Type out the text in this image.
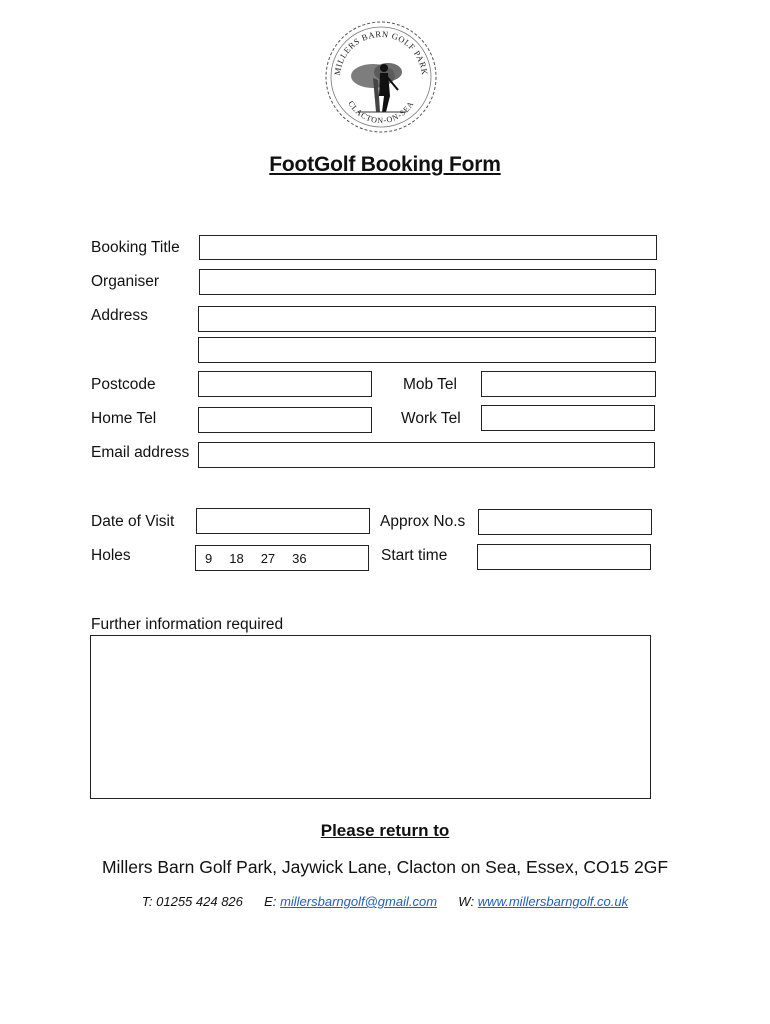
MILLERS BARN GOLF PARK
CLACTON-ON-SEA
FootGolf Booking Form
Booking Title
Organiser
Address
Postcode	Mob Tel
Home Tel	Work Tel
Email address
Date of Visit	Approx No.s
Holes	9 18 27 36	Start time
Further information required
Please return to
Millers Barn Golf Park, Jaywick Lane, Clacton on Sea, Essex, CO15 2GF
T: 01255 424 826 E: millersbarngolf@gmail.com W: www.millersbarngolf.co.uk
